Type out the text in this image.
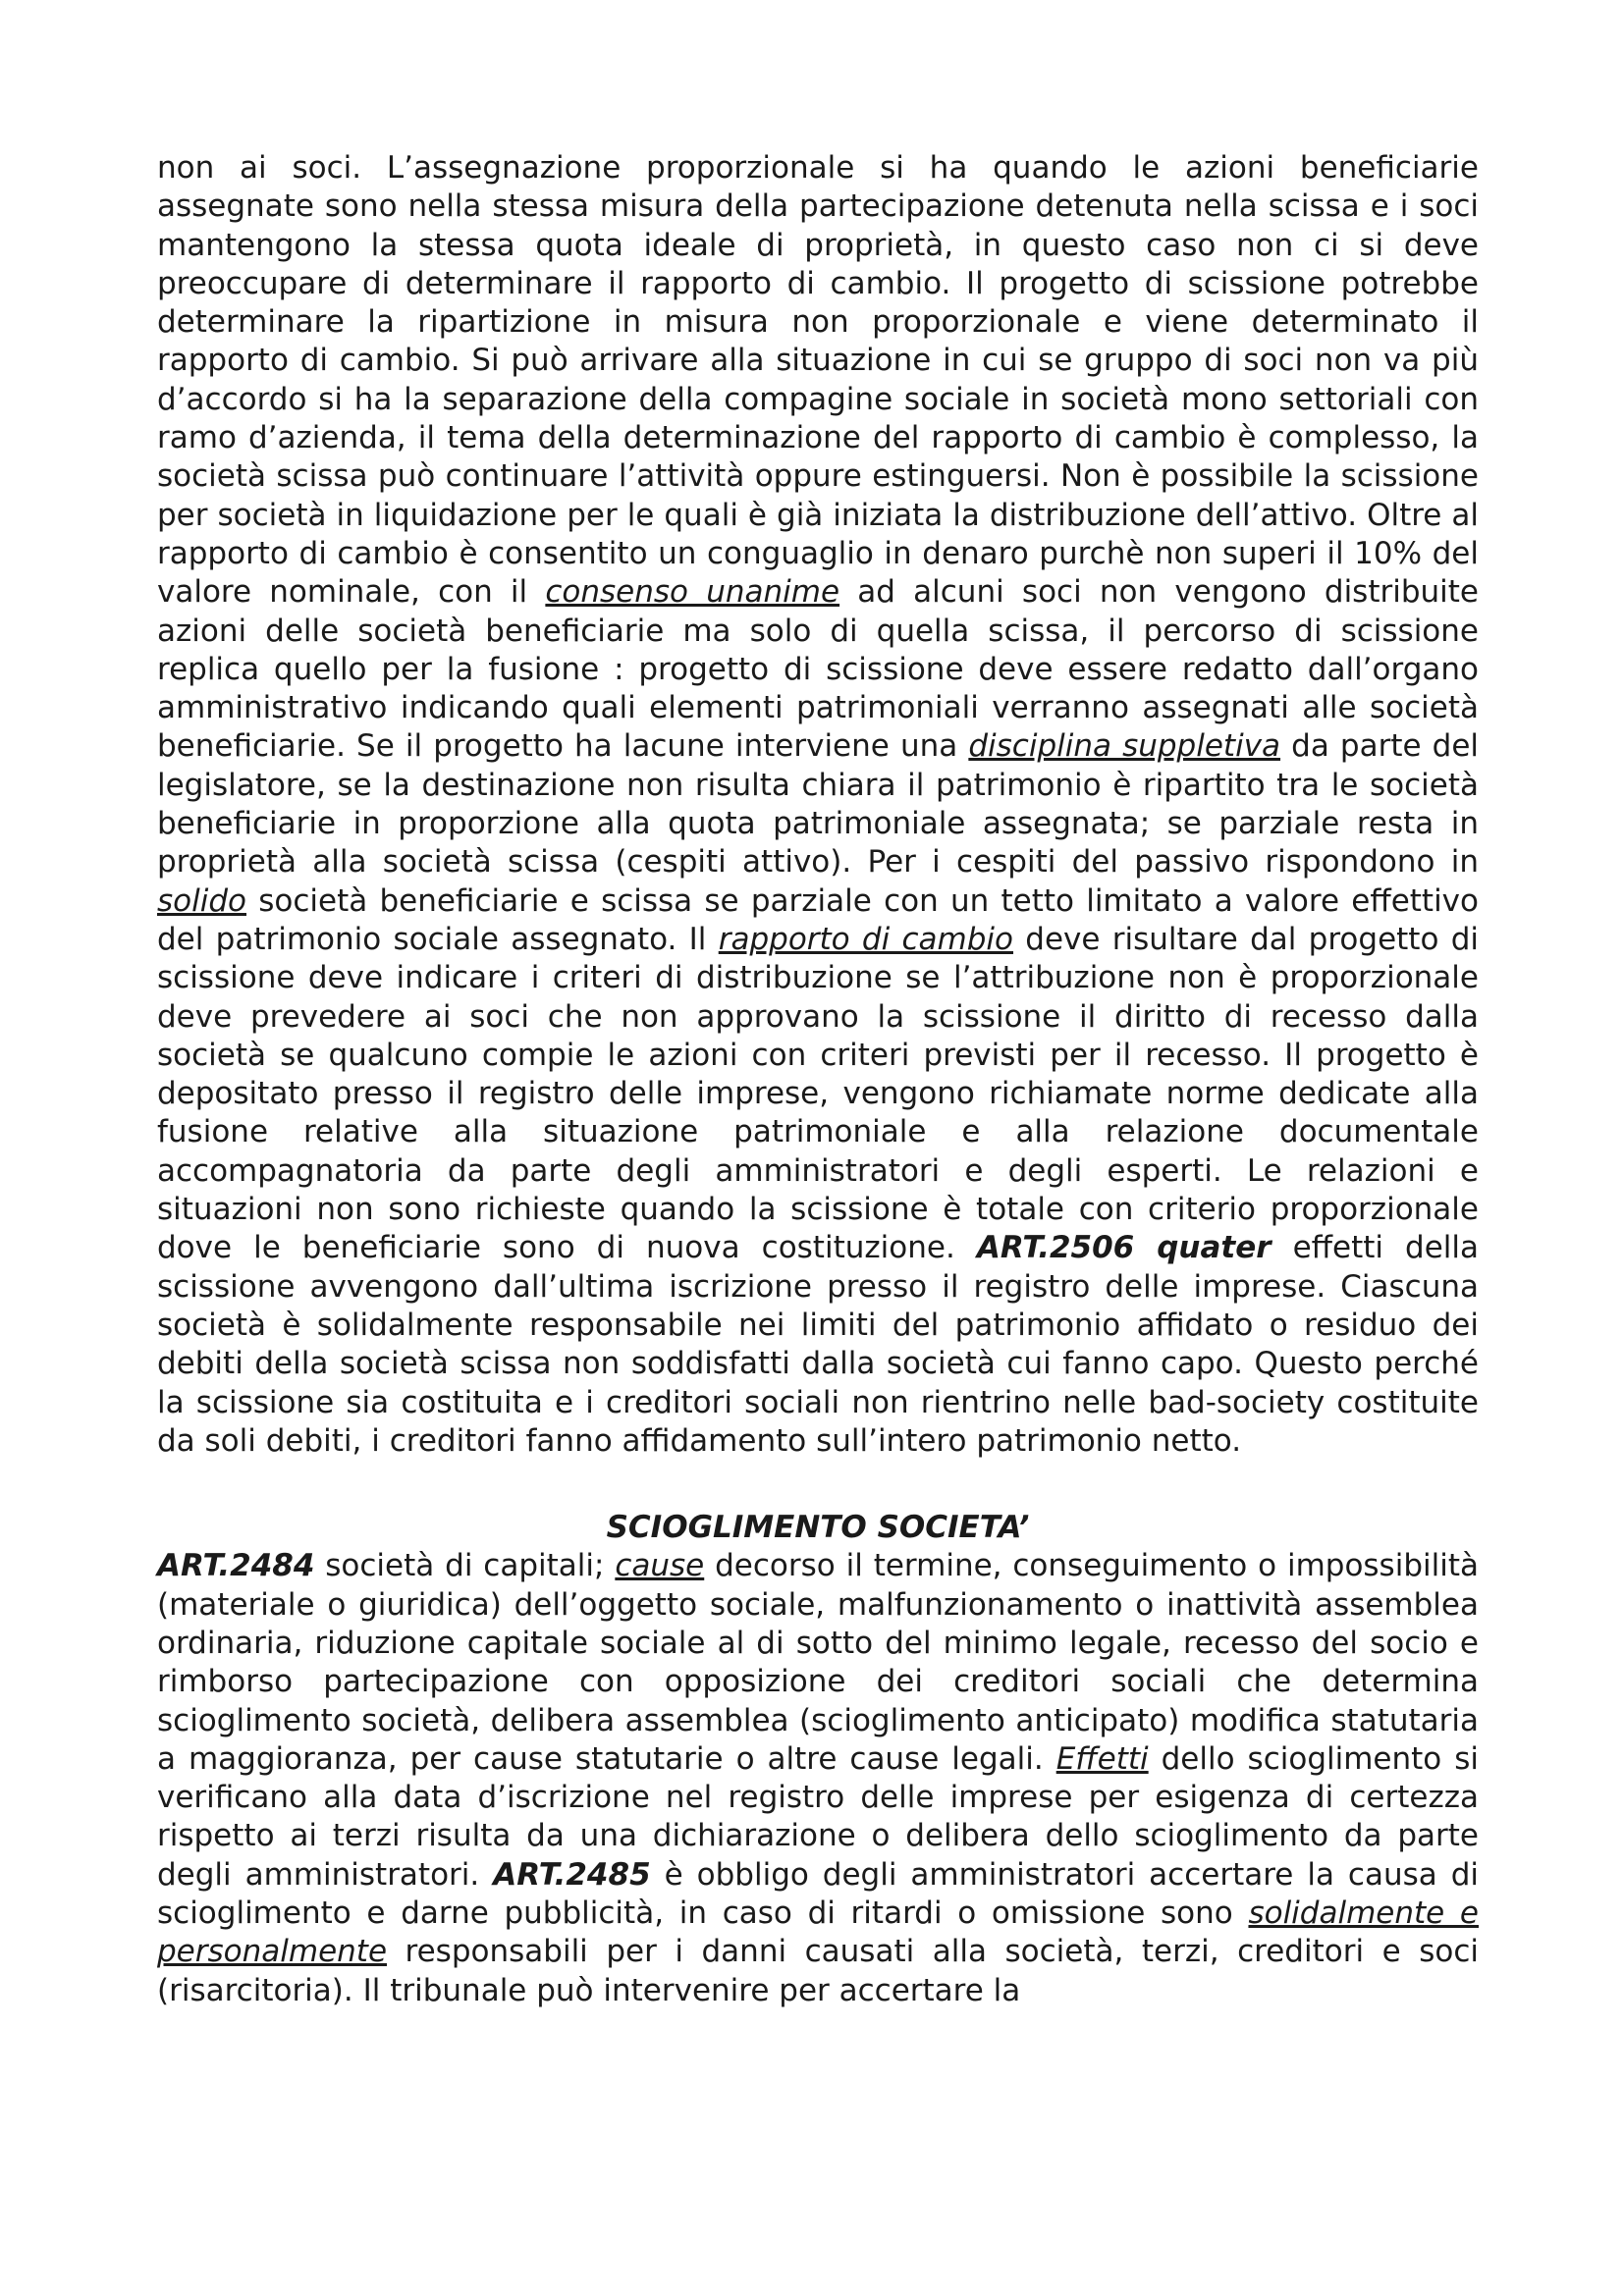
non ai soci. L’assegnazione proporzionale si ha quando le azioni beneficiarie assegnate sono nella stessa misura della partecipazione detenuta nella scissa e i soci mantengono la stessa quota ideale di proprietà, in questo caso non ci si deve preoccupare di determinare il rapporto di cambio. Il progetto di scissione potrebbe determinare la ripartizione in misura non proporzionale e viene determinato il rapporto di cambio. Si può arrivare alla situazione in cui se gruppo di soci non va più d’accordo si ha la separazione della compagine sociale in società mono settoriali con ramo d’azienda, il tema della determinazione del rapporto di cambio è complesso, la società scissa può continuare l’attività oppure estinguersi. Non è possibile la scissione per società in liquidazione per le quali è già iniziata la distribuzione dell’attivo. Oltre al rapporto di cambio è consentito un conguaglio in denaro purchè non superi il 10% del valore nominale, con il consenso unanime ad alcuni soci non vengono distribuite azioni delle società beneficiarie ma solo di quella scissa, il percorso di scissione replica quello per la fusione : progetto di scissione deve essere redatto dall’organo amministrativo indicando quali elementi patrimoniali verranno assegnati alle società beneficiarie. Se il progetto ha lacune interviene una disciplina suppletiva da parte del legislatore, se la destinazione non risulta chiara il patrimonio è ripartito tra le società beneficiarie in proporzione alla quota patrimoniale assegnata; se parziale resta in proprietà alla società scissa (cespiti attivo). Per i cespiti del passivo rispondono in solido società beneficiarie e scissa se parziale con un tetto limitato a valore effettivo del patrimonio sociale assegnato. Il rapporto di cambio deve risultare dal progetto di scissione deve indicare i criteri di distribuzione se l’attribuzione non è proporzionale deve prevedere ai soci che non approvano la scissione il diritto di recesso dalla società se qualcuno compie le azioni con criteri previsti per il recesso. Il progetto è depositato presso il registro delle imprese, vengono richiamate norme dedicate alla fusione relative alla situazione patrimoniale e alla relazione documentale accompagnatoria da parte degli amministratori e degli esperti. Le relazioni e situazioni non sono richieste quando la scissione è totale con criterio proporzionale dove le beneficiarie sono di nuova costituzione. ART.2506 quater effetti della scissione avvengono dall’ultima iscrizione presso il registro delle imprese. Ciascuna società è solidalmente responsabile nei limiti del patrimonio affidato o residuo dei debiti della società scissa non soddisfatti dalla società cui fanno capo. Questo perché la scissione sia costituita e i creditori sociali non rientrino nelle bad-society costituite da soli debiti, i creditori fanno affidamento sull’intero patrimonio netto.

SCIOGLIMENTO SOCIETA’

ART.2484 società di capitali; cause decorso il termine, conseguimento o impossibilità (materiale o giuridica) dell’oggetto sociale, malfunzionamento o inattività assemblea ordinaria, riduzione capitale sociale al di sotto del minimo legale, recesso del socio e rimborso partecipazione con opposizione dei creditori sociali che determina scioglimento società, delibera assemblea (scioglimento anticipato) modifica statutaria a maggioranza, per cause statutarie o altre cause legali. Effetti dello scioglimento si verificano alla data d’iscrizione nel registro delle imprese per esigenza di certezza rispetto ai terzi risulta da una dichiarazione o delibera dello scioglimento da parte degli amministratori. ART.2485 è obbligo degli amministratori accertare la causa di scioglimento e darne pubblicità, in caso di ritardi o omissione sono solidalmente e personalmente responsabili per i danni causati alla società, terzi, creditori e soci (risarcitoria). Il tribunale può intervenire per accertare la
